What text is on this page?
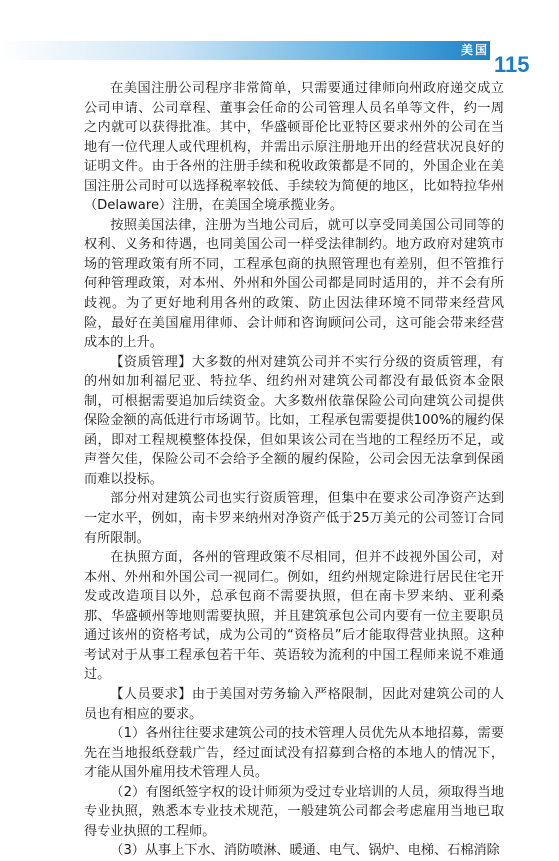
美国
115

在美国注册公司程序非常简单，只需要通过律师向州政府递交成立公司申请、公司章程、董事会任命的公司管理人员名单等文件，约一周之内就可以获得批准。其中，华盛顿哥伦比亚特区要求州外的公司在当地有一位代理人或代理机构，并需出示原注册地开出的经营状况良好的证明文件。由于各州的注册手续和税收政策都是不同的，外国企业在美国注册公司时可以选择税率较低、手续较为简便的地区，比如特拉华州（Delaware）注册，在美国全境承揽业务。

按照美国法律，注册为当地公司后，就可以享受同美国公司同等的权利、义务和待遇，也同美国公司一样受法律制约。地方政府对建筑市场的管理政策有所不同，工程承包商的执照管理也有差别，但不管推行何种管理政策，对本州、外州和外国公司都是同时适用的，并不会有所歧视。为了更好地利用各州的政策、防止因法律环境不同带来经营风险，最好在美国雇用律师、会计师和咨询顾问公司，这可能会带来经营成本的上升。

【资质管理】大多数的州对建筑公司并不实行分级的资质管理，有的州如加利福尼亚、特拉华、纽约州对建筑公司都没有最低资本金限制，可根据需要追加后续资金。大多数州依靠保险公司向建筑公司提供保险金额的高低进行市场调节。比如，工程承包需要提供100%的履约保函，即对工程规模整体投保，但如果该公司在当地的工程经历不足，或声誉欠佳，保险公司不会给予全额的履约保险，公司会因无法拿到保函而难以投标。

部分州对建筑公司也实行资质管理，但集中在要求公司净资产达到一定水平，例如，南卡罗来纳州对净资产低于25万美元的公司签订合同有所限制。

在执照方面，各州的管理政策不尽相同，但并不歧视外国公司，对本州、外州和外国公司一视同仁。例如，纽约州规定除进行居民住宅开发或改造项目以外，总承包商不需要执照，但在南卡罗来纳、亚利桑那、华盛顿州等地则需要执照，并且建筑承包公司内要有一位主要职员通过该州的资格考试，成为公司的“资格员”后才能取得营业执照。这种考试对于从事工程承包若干年、英语较为流利的中国工程师来说不难通过。

【人员要求】由于美国对劳务输入严格限制，因此对建筑公司的人员也有相应的要求。

（1）各州往往要求建筑公司的技术管理人员优先从本地招募，需要先在当地报纸登载广告，经过面试没有招募到合格的本地人的情况下，才能从国外雇用技术管理人员。

（2）有图纸签字权的设计师须为受过专业培训的人员，须取得当地专业执照，熟悉本专业技术规范，一般建筑公司都会考虑雇用当地已取得专业执照的工程师。

（3）从事上下水、消防喷淋、暖通、电气、锅炉、电梯、石棉消除
